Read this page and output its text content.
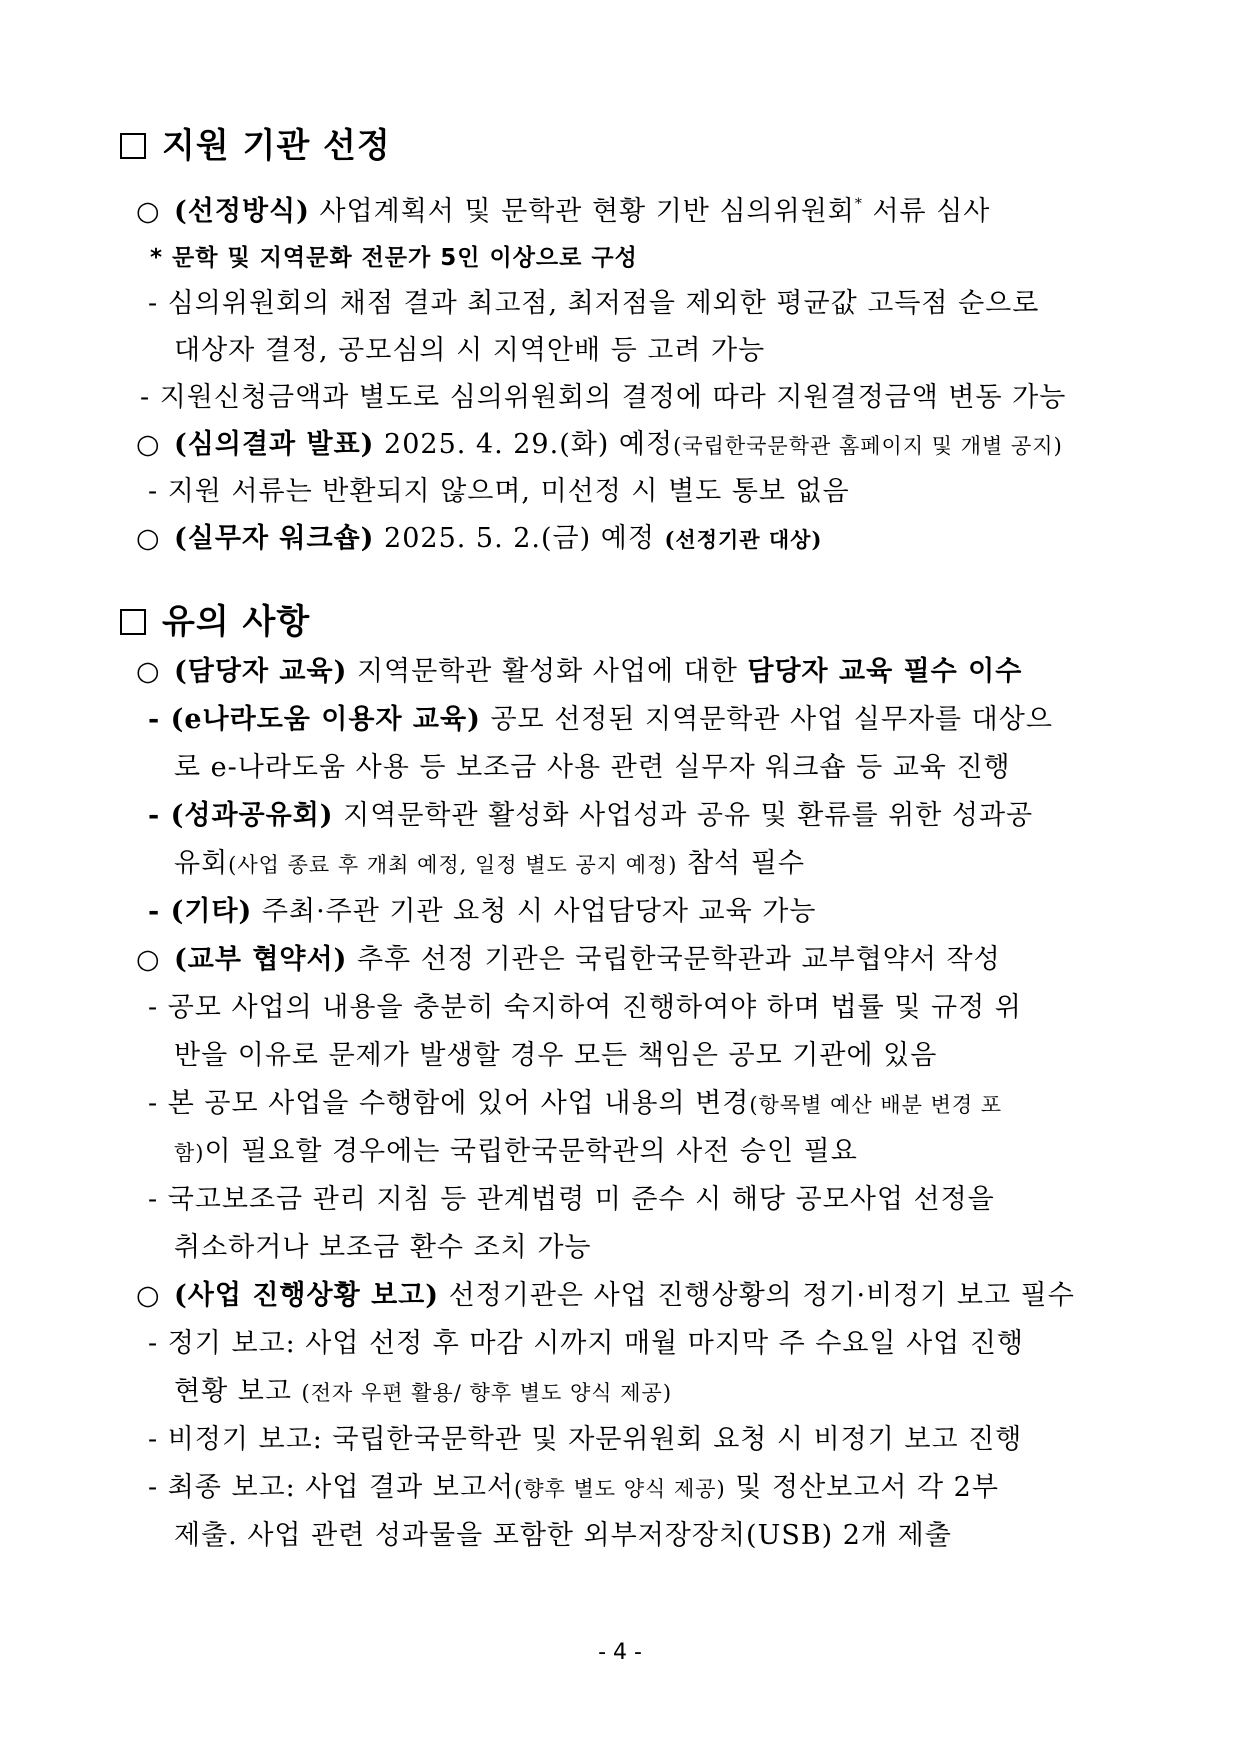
지원 기관 선정
○ (선정방식) 사업계획서 및 문학관 현황 기반 심의위원회* 서류 심사
* 문학 및 지역문화 전문가 5인 이상으로 구성
- 심의위원회의 채점 결과 최고점, 최저점을 제외한 평균값 고득점 순으로
대상자 결정, 공모심의 시 지역안배 등 고려 가능
- 지원신청금액과 별도로 심의위원회의 결정에 따라 지원결정금액 변동 가능
○ (심의결과 발표) 2025. 4. 29.(화) 예정(국립한국문학관 홈페이지 및 개별 공지)
- 지원 서류는 반환되지 않으며, 미선정 시 별도 통보 없음
○ (실무자 워크숍) 2025. 5. 2.(금) 예정 (선정기관 대상)
유의 사항
○ (담당자 교육) 지역문학관 활성화 사업에 대한 담당자 교육 필수 이수
- (e나라도움 이용자 교육) 공모 선정된 지역문학관 사업 실무자를 대상으
로 e-나라도움 사용 등 보조금 사용 관련 실무자 워크숍 등 교육 진행
- (성과공유회) 지역문학관 활성화 사업성과 공유 및 환류를 위한 성과공
유회(사업 종료 후 개최 예정, 일정 별도 공지 예정) 참석 필수
- (기타) 주최·주관 기관 요청 시 사업담당자 교육 가능
○ (교부 협약서) 추후 선정 기관은 국립한국문학관과 교부협약서 작성
- 공모 사업의 내용을 충분히 숙지하여 진행하여야 하며 법률 및 규정 위
반을 이유로 문제가 발생할 경우 모든 책임은 공모 기관에 있음
- 본 공모 사업을 수행함에 있어 사업 내용의 변경(항목별 예산 배분 변경 포
함)이 필요할 경우에는 국립한국문학관의 사전 승인 필요
- 국고보조금 관리 지침 등 관계법령 미 준수 시 해당 공모사업 선정을
취소하거나 보조금 환수 조치 가능
○ (사업 진행상황 보고) 선정기관은 사업 진행상황의 정기·비정기 보고 필수
- 정기 보고: 사업 선정 후 마감 시까지 매월 마지막 주 수요일 사업 진행
현황 보고 (전자 우편 활용/ 향후 별도 양식 제공)
- 비정기 보고: 국립한국문학관 및 자문위원회 요청 시 비정기 보고 진행
- 최종 보고: 사업 결과 보고서(향후 별도 양식 제공) 및 정산보고서 각 2부
제출. 사업 관련 성과물을 포함한 외부저장장치(USB) 2개 제출
- 4 -
